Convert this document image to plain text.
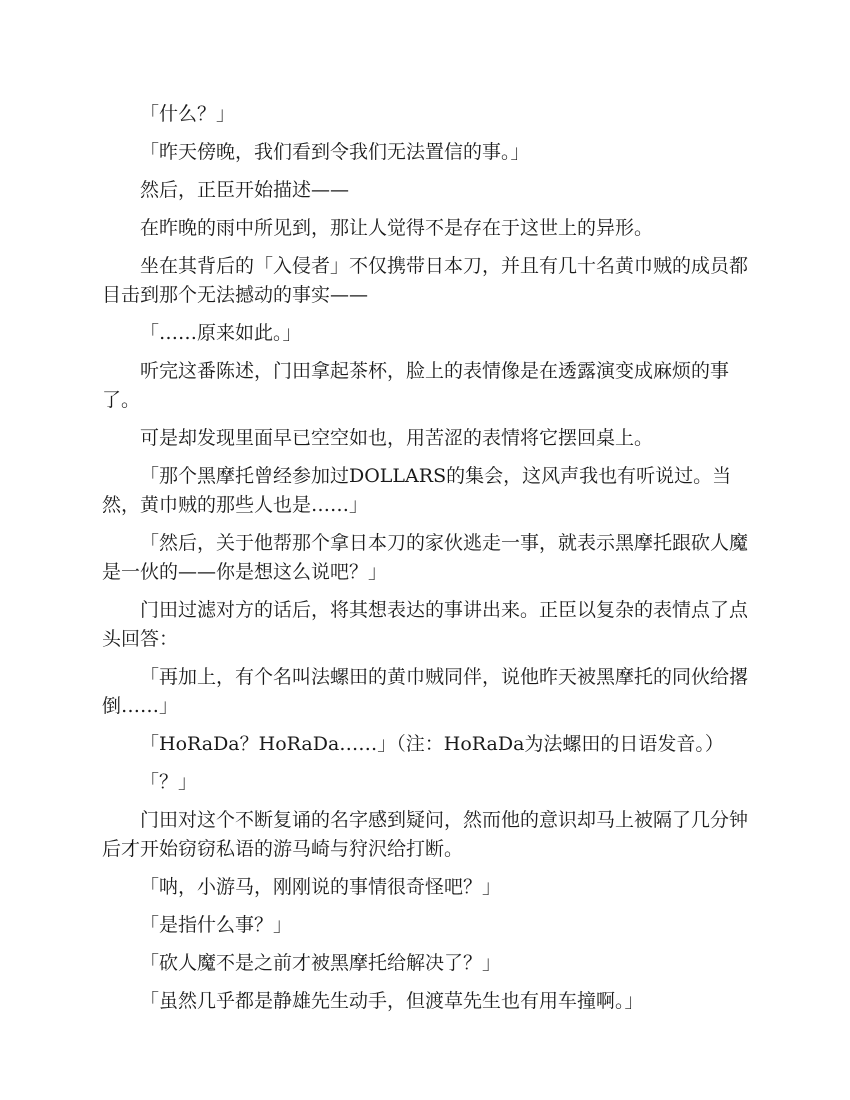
「什么？」

「昨天傍晚，我们看到令我们无法置信的事。」

然后，正臣开始描述——

在昨晚的雨中所见到，那让人觉得不是存在于这世上的异形。

坐在其背后的「入侵者」不仅携带日本刀，并且有几十名黄巾贼的成员都目击到那个无法撼动的事实——

「……原来如此。」

听完这番陈述，门田拿起茶杯，脸上的表情像是在透露演变成麻烦的事了。

可是却发现里面早已空空如也，用苦涩的表情将它摆回桌上。

「那个黑摩托曾经参加过DOLLARS的集会，这风声我也有听说过。当然，黄巾贼的那些人也是……」

「然后，关于他帮那个拿日本刀的家伙逃走一事，就表示黑摩托跟砍人魔是一伙的——你是想这么说吧？」

门田过滤对方的话后，将其想表达的事讲出来。正臣以复杂的表情点了点头回答：

「再加上，有个名叫法螺田的黄巾贼同伴，说他昨天被黑摩托的同伙给撂倒……」

「HoRaDa？HoRaDa……」（注：HoRaDa为法螺田的日语发音。）

「？」

门田对这个不断复诵的名字感到疑问，然而他的意识却马上被隔了几分钟后才开始窃窃私语的游马崎与狩沢给打断。

「呐，小游马，刚刚说的事情很奇怪吧？」

「是指什么事？」

「砍人魔不是之前才被黑摩托给解决了？」

「虽然几乎都是静雄先生动手，但渡草先生也有用车撞啊。」
